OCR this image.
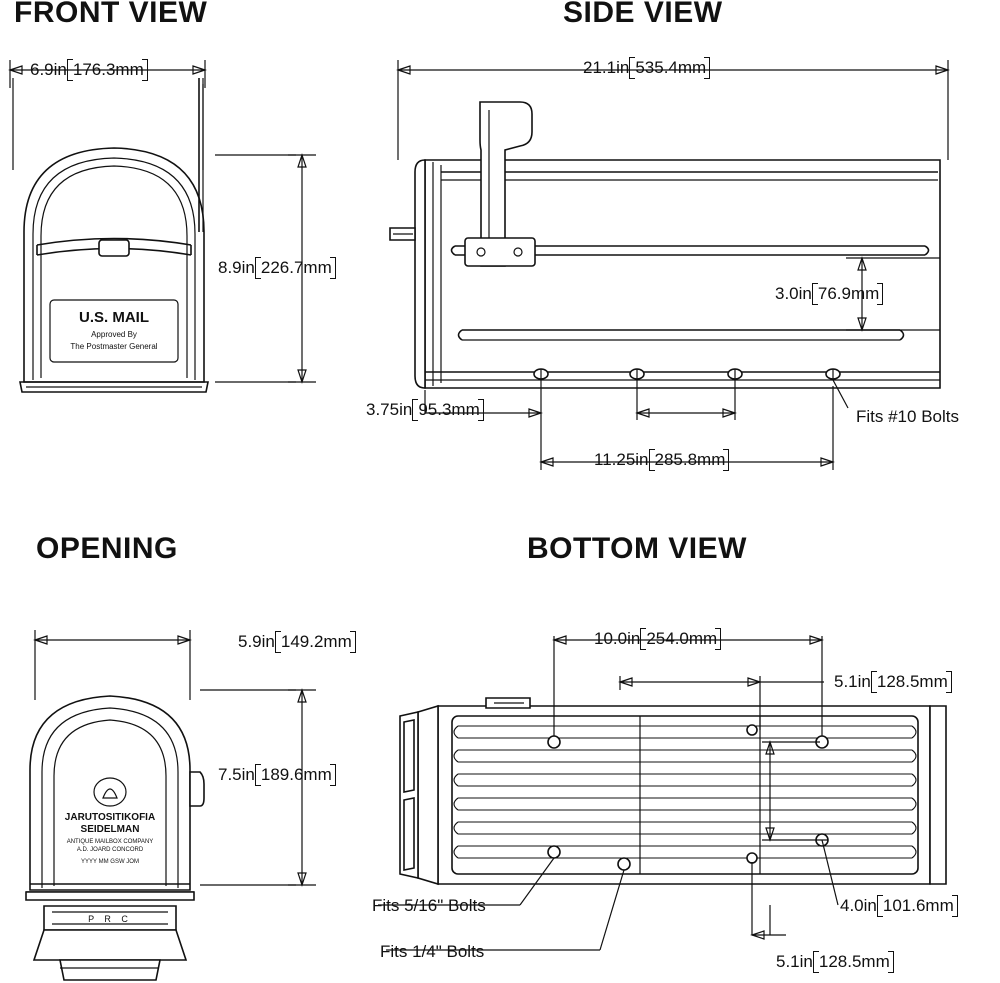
FRONT VIEW	SIDE VIEW
OPENING	BOTTOM VIEW
U.S. MAIL
Approved By
The Postmaster General
JARUTOSITIKOFIA
SEIDELMAN
ANTIQUE MAILBOX COMPANY
A.D. JOARD CONCORD
YYYY MM GSW JOM
P R C
6.9in 176.3mm
8.9in 226.7mm
21.1in 535.4mm
3.0in 76.9mm
3.75in 95.3mm
11.25in 285.8mm
Fits #10 Bolts
5.9in 149.2mm
7.5in 189.6mm
10.0in 254.0mm
5.1in 128.5mm
4.0in 101.6mm
5.1in 128.5mm
Fits 5/16" Bolts
Fits 1/4" Bolts
